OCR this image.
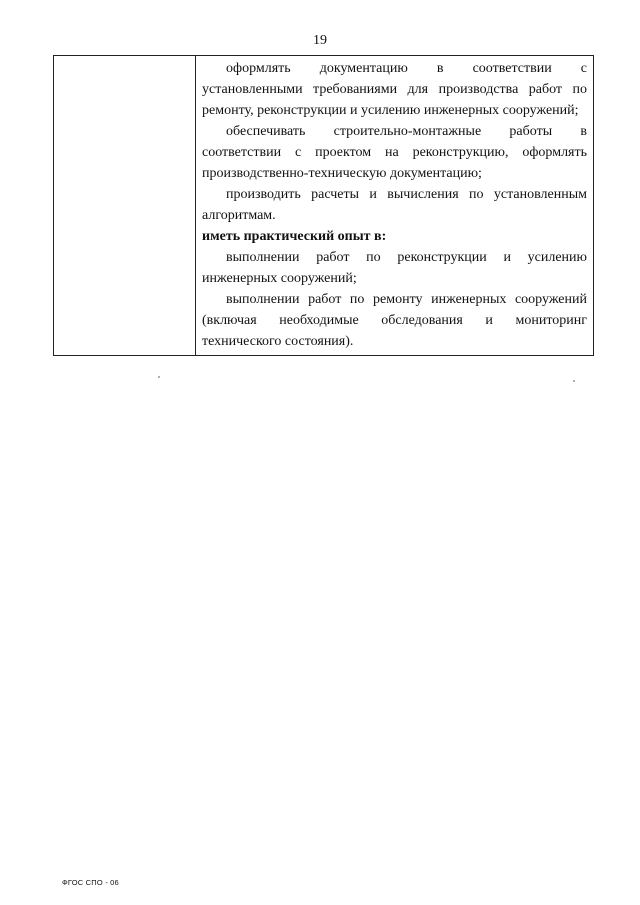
19

оформлять документацию в соответствии с установленными требованиями для производства работ по ремонту, реконструкции и усилению инженерных сооружений;

обеспечивать строительно-монтажные работы в соответствии с проектом на реконструкцию, оформлять производственно-техническую документацию;

производить расчеты и вычисления по установленным алгоритмам.

иметь практический опыт в:

выполнении работ по реконструкции и усилению инженерных сооружений;

выполнении работ по ремонту инженерных сооружений (включая необходимые обследования и мониторинг технического состояния).

ФГОС СПО - 06
